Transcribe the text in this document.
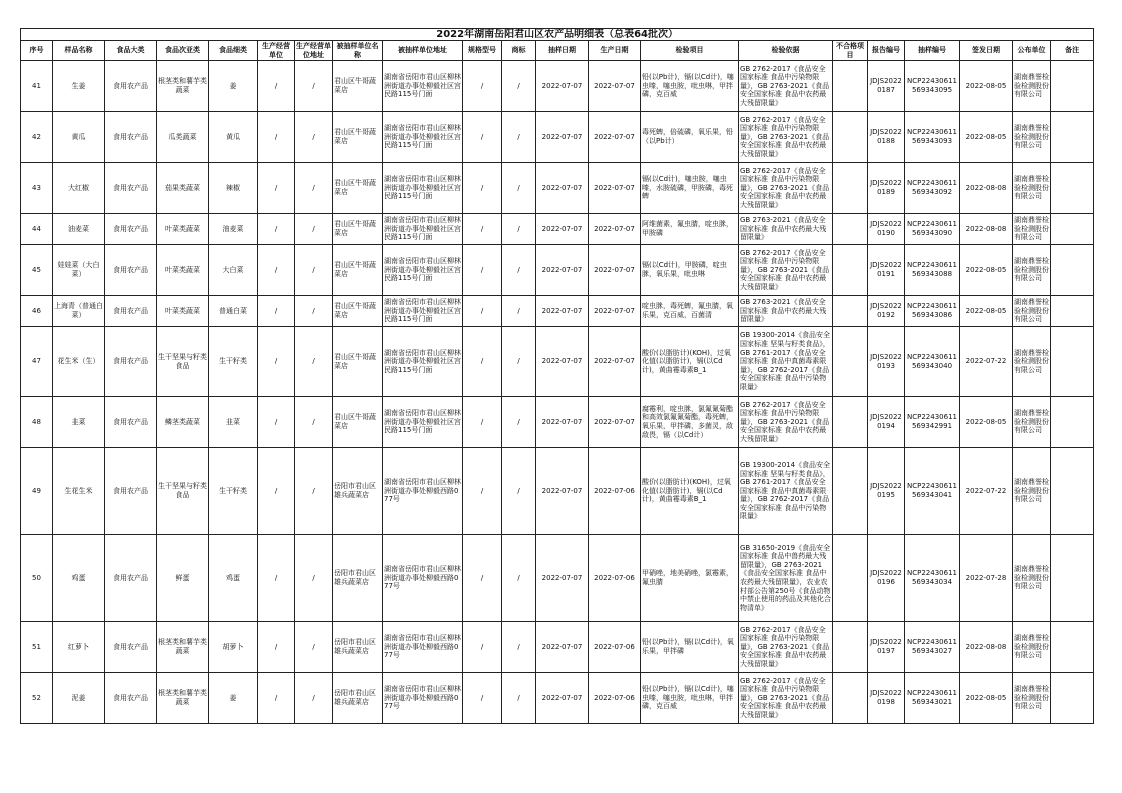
2022年湖南岳阳君山区农产品明细表（总表64批次）																				
序号	样品名称	食品大类	食品次亚类	食品细类	生产经营单位	生产经营单位地址	被抽样单位名称	被抽样单位地址	规格型号	商标	抽样日期	生产日期	检验项目	检验依据	不合格项目	报告编号	抽样编号	签发日期	公布单位	备注
41	生姜	食用农产品	根茎类和薯芋类蔬菜	姜	/	/	君山区牛哥蔬菜店	湖南省岳阳市君山区柳林洲街道办事处柳毅社区宫民路115号门面	/	/	2022-07-07	2022-07-07	铅(以Pb计)，镉(以Cd计)，噻虫嗪，噻虫胺，吡虫啉，甲拌磷，克百威	GB 2762-2017《食品安全国家标准 食品中污染物限量》，GB 2763-2021《食品安全国家标准 食品中农药最大残留限量》		JDJS20220187	NCP22430611569343095	2022-08-05	湖南鼎誉检验检测股份有限公司	
42	黄瓜	食用农产品	瓜类蔬菜	黄瓜	/	/	君山区牛哥蔬菜店	湖南省岳阳市君山区柳林洲街道办事处柳毅社区宫民路115号门面	/	/	2022-07-07	2022-07-07	毒死蜱，倍硫磷，氧乐果，铅（以Pb计）	GB 2762-2017《食品安全国家标准 食品中污染物限量》，GB 2763-2021《食品安全国家标准 食品中农药最大残留限量》		JDJS20220188	NCP22430611569343093	2022-08-05	湖南鼎誉检验检测股份有限公司	
43	大红椒	食用农产品	茄果类蔬菜	辣椒	/	/	君山区牛哥蔬菜店	湖南省岳阳市君山区柳林洲街道办事处柳毅社区宫民路115号门面	/	/	2022-07-07	2022-07-07	镉(以Cd计)，噻虫胺，噻虫嗪，水胺硫磷，甲胺磷，毒死蜱	GB 2762-2017《食品安全国家标准 食品中污染物限量》，GB 2763-2021《食品安全国家标准 食品中农药最大残留限量》		JDJS20220189	NCP22430611569343092	2022-08-08	湖南鼎誉检验检测股份有限公司	
44	油麦菜	食用农产品	叶菜类蔬菜	油麦菜	/	/	君山区牛哥蔬菜店	湖南省岳阳市君山区柳林洲街道办事处柳毅社区宫民路115号门面	/	/	2022-07-07	2022-07-07	阿维菌素，氟虫腈，啶虫脒，甲胺磷	GB 2763-2021《食品安全国家标准 食品中农药最大残留限量》		JDJS20220190	NCP22430611569343090	2022-08-08	湖南鼎誉检验检测股份有限公司	
45	娃娃菜（大白菜）	食用农产品	叶菜类蔬菜	大白菜	/	/	君山区牛哥蔬菜店	湖南省岳阳市君山区柳林洲街道办事处柳毅社区宫民路115号门面	/	/	2022-07-07	2022-07-07	镉(以Cd计)，甲胺磷，啶虫脒，氧乐果，吡虫啉	GB 2762-2017《食品安全国家标准 食品中污染物限量》，GB 2763-2021《食品安全国家标准 食品中农药最大残留限量》		JDJS20220191	NCP22430611569343088	2022-08-05	湖南鼎誉检验检测股份有限公司	
46	上海青（普通白菜）	食用农产品	叶菜类蔬菜	普通白菜	/	/	君山区牛哥蔬菜店	湖南省岳阳市君山区柳林洲街道办事处柳毅社区宫民路115号门面	/	/	2022-07-07	2022-07-07	啶虫脒，毒死蜱，氟虫腈，氧乐果，克百威，百菌清	GB 2763-2021《食品安全国家标准 食品中农药最大残留限量》		JDJS20220192	NCP22430611569343086	2022-08-05	湖南鼎誉检验检测股份有限公司	
47	花生米（生）	食用农产品	生干坚果与籽类食品	生干籽类	/	/	君山区牛哥蔬菜店	湖南省岳阳市君山区柳林洲街道办事处柳毅社区宫民路115号门面	/	/	2022-07-07	2022-07-07	酸价(以脂肪计)(KOH)，过氧化值(以脂肪计)，镉(以Cd计)，黄曲霉毒素B_1	GB 19300-2014《食品安全国家标准 坚果与籽类食品》，GB 2761-2017《食品安全国家标准 食品中真菌毒素限量》，GB 2762-2017《食品安全国家标准 食品中污染物限量》		JDJS20220193	NCP22430611569343040	2022-07-22	湖南鼎誉检验检测股份有限公司	
48	韭菜	食用农产品	鳞茎类蔬菜	韭菜	/	/	君山区牛哥蔬菜店	湖南省岳阳市君山区柳林洲街道办事处柳毅社区宫民路115号门面	/	/	2022-07-07	2022-07-07	腐霉利，啶虫脒，氯氟氰菊酯和高效氯氟氰菊酯，毒死蜱，氧乐果，甲拌磷，多菌灵，敌敌畏，镉（以Cd计）	GB 2762-2017《食品安全国家标准 食品中污染物限量》，GB 2763-2021《食品安全国家标准 食品中农药最大残留限量》		JDJS20220194	NCP22430611569342991	2022-08-05	湖南鼎誉检验检测股份有限公司	
49	生花生米	食用农产品	生干坚果与籽类食品	生干籽类	/	/	岳阳市君山区雄兵蔬菜店	湖南省岳阳市君山区柳林洲街道办事处柳毅西路077号	/	/	2022-07-07	2022-07-06	酸价(以脂肪计)(KOH)，过氧化值(以脂肪计)，镉(以Cd计)，黄曲霉毒素B_1	GB 19300-2014《食品安全国家标准 坚果与籽类食品》，GB 2761-2017《食品安全国家标准 食品中真菌毒素限量》，GB 2762-2017《食品安全国家标准 食品中污染物限量》		JDJS20220195	NCP22430611569343041	2022-07-22	湖南鼎誉检验检测股份有限公司	
50	鸡蛋	食用农产品	鲜蛋	鸡蛋	/	/	岳阳市君山区雄兵蔬菜店	湖南省岳阳市君山区柳林洲街道办事处柳毅西路077号	/	/	2022-07-07	2022-07-06	甲硝唑，地美硝唑，氯霉素，氟虫腈	GB 31650-2019《食品安全国家标准 食品中兽药最大残留限量》，GB 2763-2021《食品安全国家标准 食品中农药最大残留限量》，农业农村部公告第250号《食品动物中禁止使用的药品及其他化合物清单》		JDJS20220196	NCP22430611569343034	2022-07-28	湖南鼎誉检验检测股份有限公司	
51	红萝卜	食用农产品	根茎类和薯芋类蔬菜	胡萝卜	/	/	岳阳市君山区雄兵蔬菜店	湖南省岳阳市君山区柳林洲街道办事处柳毅西路077号	/	/	2022-07-07	2022-07-06	铅(以Pb计)，镉(以Cd计)，氧乐果，甲拌磷	GB 2762-2017《食品安全国家标准 食品中污染物限量》，GB 2763-2021《食品安全国家标准 食品中农药最大残留限量》		JDJS20220197	NCP22430611569343027	2022-08-08	湖南鼎誉检验检测股份有限公司	
52	泥姜	食用农产品	根茎类和薯芋类蔬菜	姜	/	/	岳阳市君山区雄兵蔬菜店	湖南省岳阳市君山区柳林洲街道办事处柳毅西路077号	/	/	2022-07-07	2022-07-06	铅(以Pb计)，镉(以Cd计)，噻虫嗪，噻虫胺，吡虫啉，甲拌磷，克百威	GB 2762-2017《食品安全国家标准 食品中污染物限量》，GB 2763-2021《食品安全国家标准 食品中农药最大残留限量》		JDJS20220198	NCP22430611569343021	2022-08-05	湖南鼎誉检验检测股份有限公司	
